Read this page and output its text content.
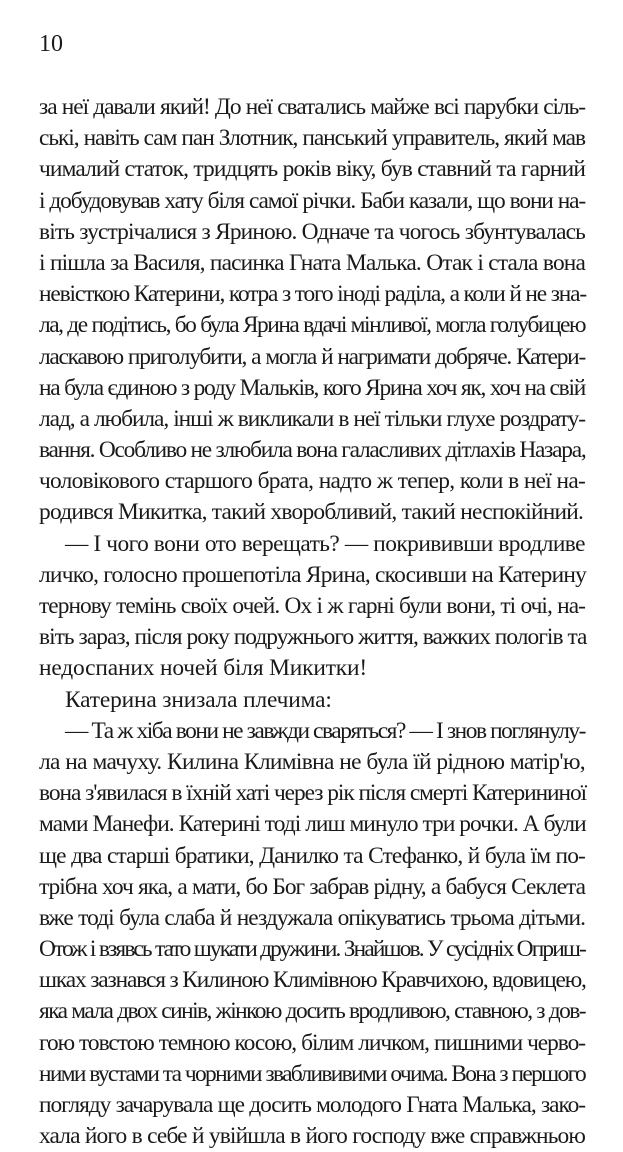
10
за неї давали який! До неї сватались майже всі парубки сіль-
ські, навіть сам пан Злотник, панський управитель, який мав
чималий статок, тридцять років віку, був ставний та гарний
і добудовував хату біля самої річки. Баби казали, що вони на-
віть зустрічалися з Яриною. Одначе та чогось збунтувалась
і пішла за Василя, пасинка Гната Малька. Отак і стала вона
невісткою Катерини, котра з того іноді раділа, а коли й не зна-
ла, де подітись, бо була Ярина вдачі мінливої, могла голубицею
ласкавою приголубити, а могла й нагримати добряче. Катери-
на була єдиною з роду Мальків, кого Ярина хоч як, хоч на свій
лад, а любила, інші ж викликали в неї тільки глухе роздрату-
вання. Особливо не злюбила вона галасливих дітлахів Назара,
чоловікового старшого брата, надто ж тепер, коли в неї на-
родився Микитка, такий хворобливий, такий неспокійний.
— І чого вони ото верещать? — покрививши вродливе
личко, голосно прошепотіла Ярина, скосивши на Катерину
тернову темінь своїх очей. Ох і ж гарні були вони, ті очі, на-
віть зараз, після року подружнього життя, важких пологів та
недоспаних ночей біля Микитки!
Катерина знизала плечима:
— Та ж хіба вони не завжди сваряться? — І знов поглянулу-
ла на мачуху. Килина Климівна не була їй рідною матір'ю,
вона з'явилася в їхній хаті через рік після смерті Катерининої
мами Манефи. Катерині тоді лиш минуло три рочки. А були
ще два старші братики, Данилко та Стефанко, й була їм по-
трібна хоч яка, а мати, бо Бог забрав рідну, а бабуся Секлета
вже тоді була слаба й нездужала опікуватись трьома дітьми.
Отож і взявсь тато шукати дружини. Знайшов. У сусідніх Оприш-
шках зазнався з Килиною Климівною Кравчихою, вдовицею,
яка мала двох синів, жінкою досить вродливою, ставною, з дов-
гою товстою темною косою, білим личком, пишними черво-
ними вустами та чорними зваблививими очима. Вона з першого
погляду зачарувала ще досить молодого Гната Малька, зако-
хала його в себе й увійшла в його господу вже справжньою
